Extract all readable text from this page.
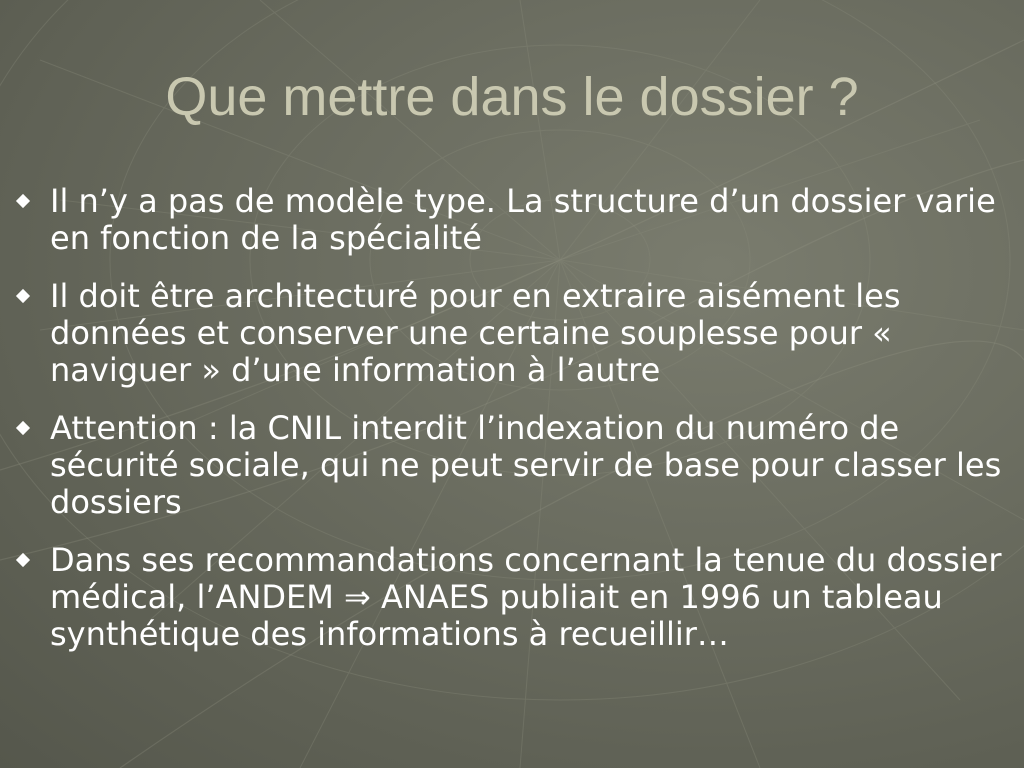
Que mettre dans le dossier ?
Il n’y a pas de modèle type. La structure d’un dossier varie en fonction de la spécialité
Il doit être architecturé pour en extraire aisément les données et conserver une certaine souplesse pour « naviguer » d’une information à l’autre
Attention : la CNIL interdit l’indexation du numéro de sécurité sociale, qui ne peut servir de base pour classer les dossiers
Dans ses recommandations concernant la tenue du dossier médical, l’ANDEM ⇒ ANAES publiait en 1996 un tableau synthétique des informations à recueillir…
